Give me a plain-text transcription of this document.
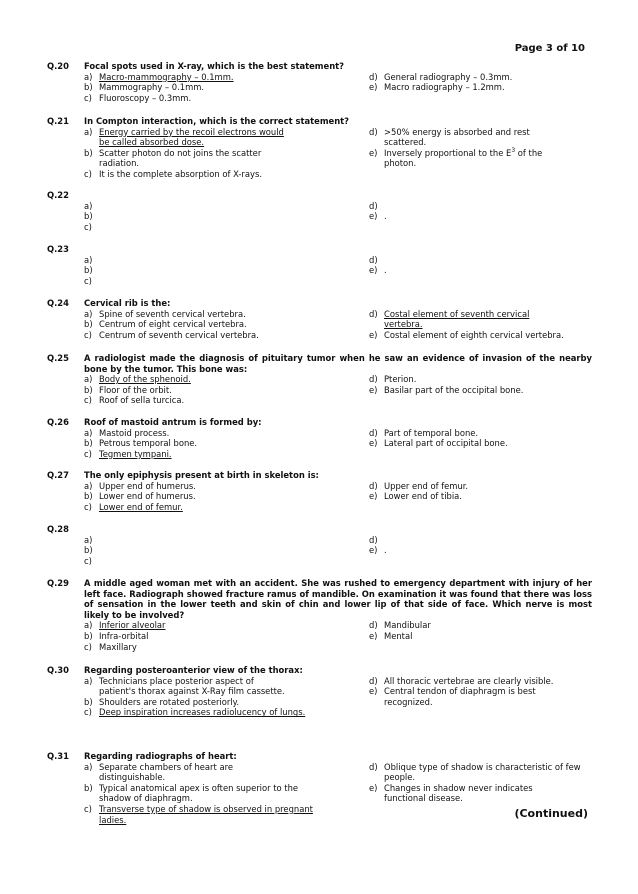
Page 3 of 10
Q.20 Focal spots used in X-ray, which is the best statement?
a) Macro-mammography – 0.1mm.
b) Mammography – 0.1mm.
c) Fluoroscopy – 0.3mm.
d) General radiography – 0.3mm.
e) Macro radiography – 1.2mm.
Q.21 In Compton interaction, which is the correct statement?
a) Energy carried by the recoil electrons would be called absorbed dose.
b) Scatter photon do not joins the scatter radiation.
c) It is the complete absorption of X-rays.
d) >50% energy is absorbed and rest scattered.
e) Inversely proportional to the $E^3$ of the photon.
Q.22

a)
b)
c)
d)
e) .
Q.23

a)
b)
c)
d)
e) .
Q.24 Cervical rib is the:
a) Spine of seventh cervical vertebra.
b) Centrum of eight cervical vertebra.
c) Centrum of seventh cervical vertebra.
d) Costal element of seventh cervical vertebra.
e) Costal element of eighth cervical vertebra.
Q.25 A radiologist made the diagnosis of pituitary tumor when he saw an evidence of invasion of the nearby bone by the tumor. This bone was:
a) Body of the sphenoid.
b) Floor of the orbit.
c) Roof of sella turcica.
d) Pterion.
e) Basilar part of the occipital bone.
Q.26 Roof of mastoid antrum is formed by:
a) Mastoid process.
b) Petrous temporal bone.
c) Tegmen tympani.
d) Part of temporal bone.
e) Lateral part of occipital bone.
Q.27 The only epiphysis present at birth in skeleton is:
a) Upper end of humerus.
b) Lower end of humerus.
c) Lower end of femur.
d) Upper end of femur.
e) Lower end of tibia.
Q.28

a)
b)
c)
d)
e) .
Q.29 A middle aged woman met with an accident. She was rushed to emergency department with injury of her left face. Radiograph showed fracture ramus of mandible. On examination it was found that there was loss of sensation in the lower teeth and skin of chin and lower lip of that side of face. Which nerve is most likely to be involved?
a) Inferior alveolar
b) Infra-orbital
c) Maxillary
d) Mandibular
e) Mental
Q.30 Regarding posteroanterior view of the thorax:
a) Technicians place posterior aspect of patient's thorax against X-Ray film cassette.
b) Shoulders are rotated posteriorly.
c) Deep inspiration increases radiolucency of lungs.
d) All thoracic vertebrae are clearly visible.
e) Central tendon of diaphragm is best recognized.
Q.31 Regarding radiographs of heart:
a) Separate chambers of heart are distinguishable.
b) Typical anatomical apex is often superior to the shadow of diaphragm.
c) Transverse type of shadow is observed in pregnant ladies.
d) Oblique type of shadow is characteristic of few people.
e) Changes in shadow never indicates functional disease.
(Continued)
